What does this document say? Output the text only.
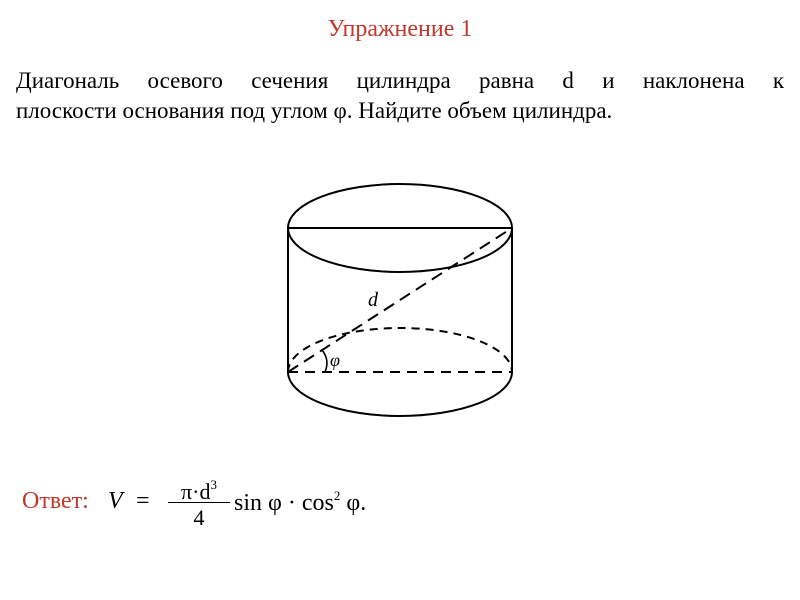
Упражнение 1
Диагональ осевого сечения цилиндра равна d и наклонена к
плоскости основания под углом φ. Найдите объем цилиндра.
d
φ
Ответ: V =	$\pi\cdot d^3$
4
$\sin \varphi \cdot \cos^2 \varphi$.
